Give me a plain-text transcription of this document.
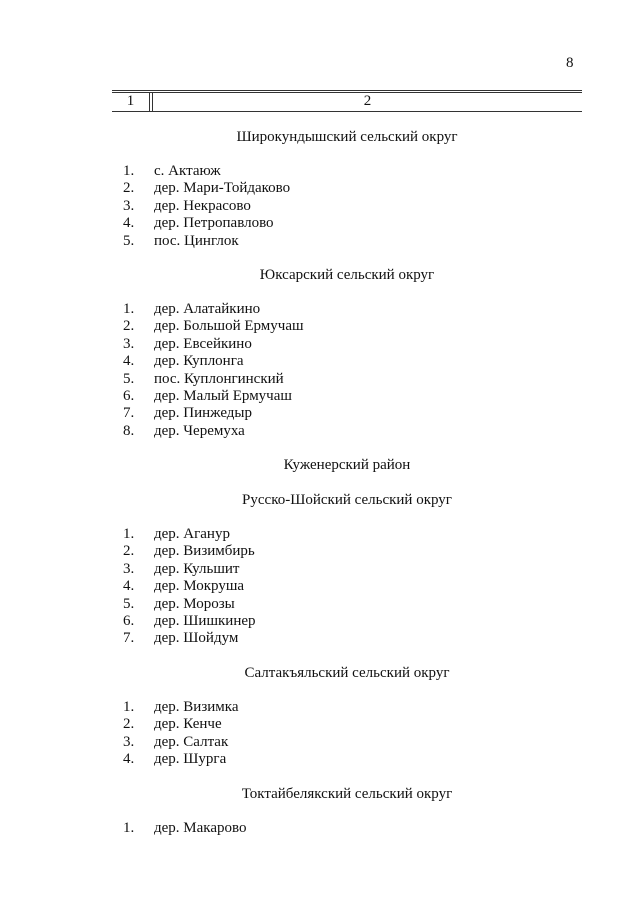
8
1	2
Широкундышский сельский округ
1. с. Актаюж
2. дер. Мари-Тойдаково
3. дер. Некрасово
4. дер. Петропавлово
5. пос. Цинглок
Юксарский сельский округ
1. дер. Алатайкино
2. дер. Большой Ермучаш
3. дер. Евсейкино
4. дер. Куплонга
5. пос. Куплонгинский
6. дер. Малый Ермучаш
7. дер. Пинжедыр
8. дер. Черемуха
Куженерский район
Русско-Шойский сельский округ
1. дер. Аганур
2. дер. Визимбирь
3. дер. Кульшит
4. дер. Мокруша
5. дер. Морозы
6. дер. Шишкинер
7. дер. Шойдум
Салтакъяльский сельский округ
1. дер. Визимка
2. дер. Кенче
3. дер. Салтак
4. дер. Шурга
Токтайбелякский сельский округ
1. дер. Макарово
